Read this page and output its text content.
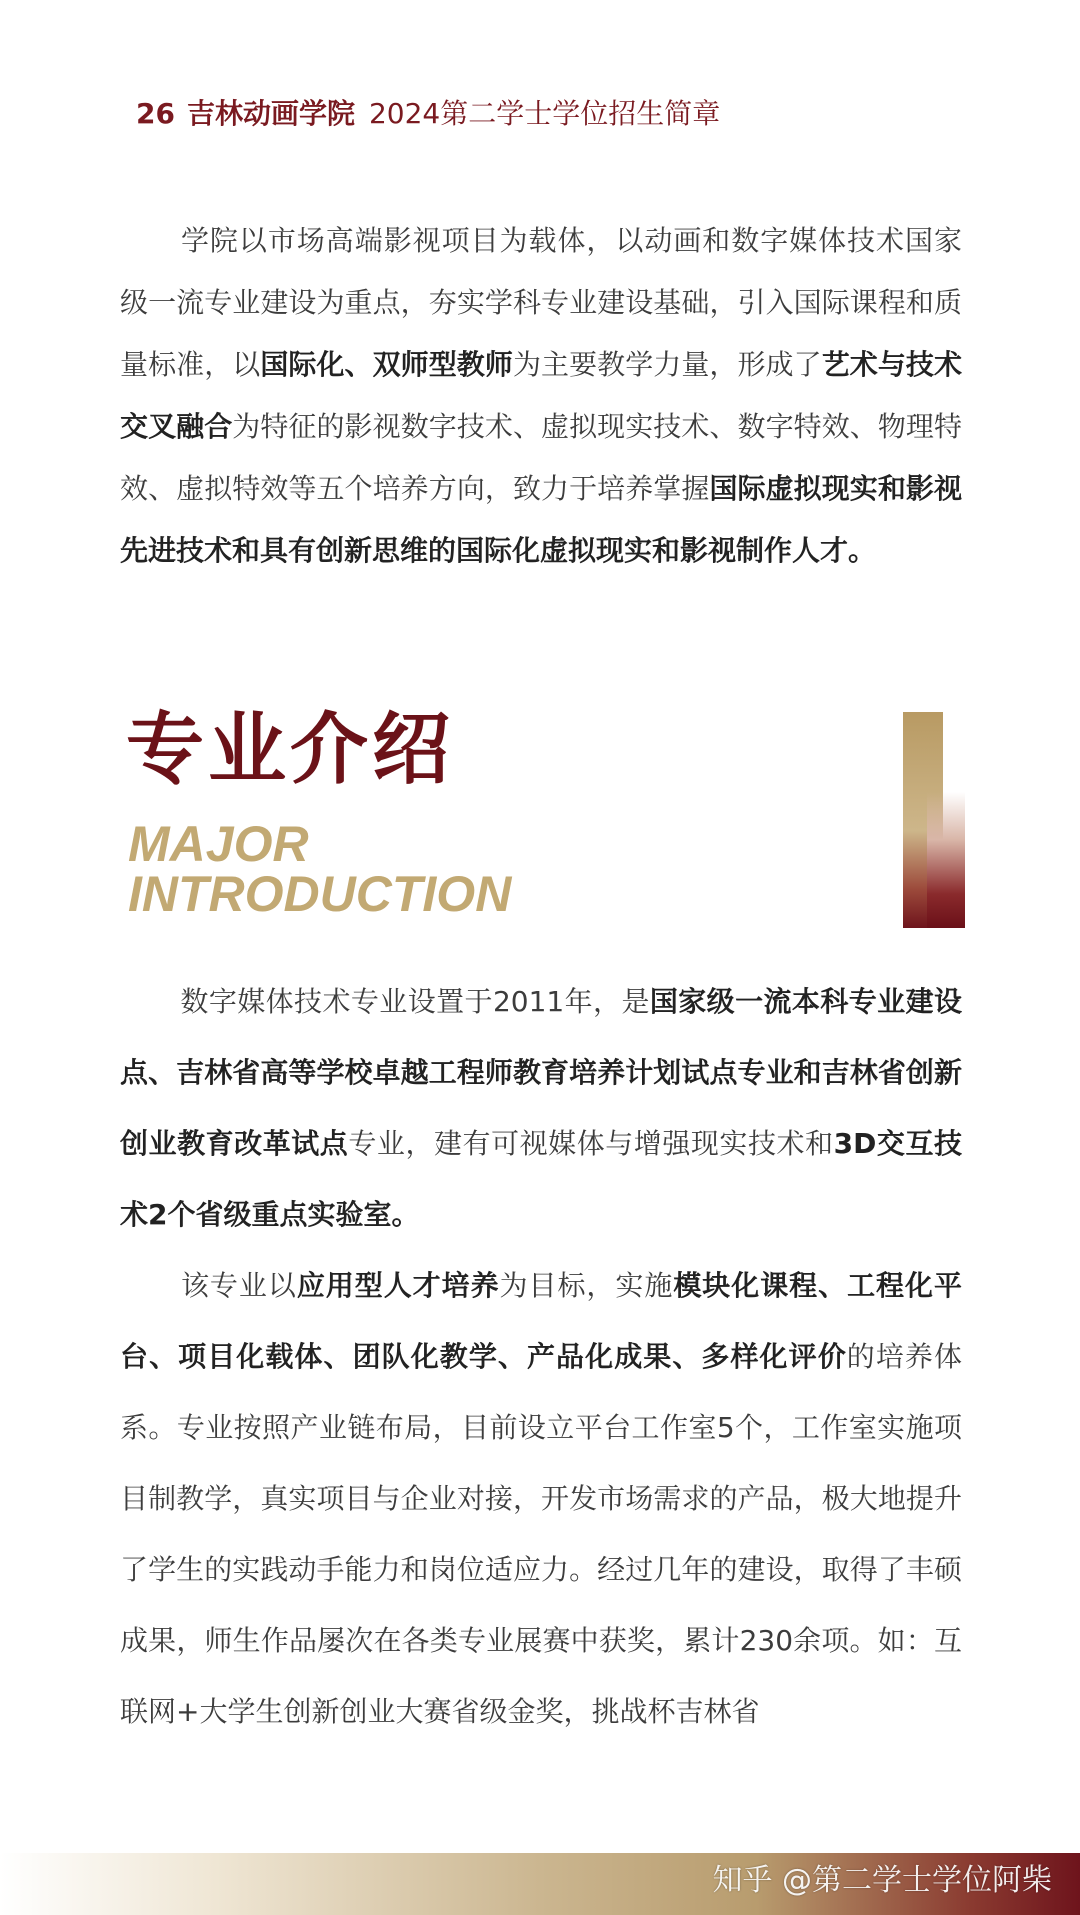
26 吉林动画学院 2024第二学士学位招生简章

学院以市场高端影视项目为载体，以动画和数字媒体技术国家级一流专业建设为重点，夯实学科专业建设基础，引入国际课程和质量标准，以国际化、双师型教师为主要教学力量，形成了艺术与技术交叉融合为特征的影视数字技术、虚拟现实技术、数字特效、物理特效、虚拟特效等五个培养方向，致力于培养掌握国际虚拟现实和影视先进技术和具有创新思维的国际化虚拟现实和影视制作人才。

专业介绍
MAJOR
INTRODUCTION

数字媒体技术专业设置于2011年，是国家级一流本科专业建设点、吉林省高等学校卓越工程师教育培养计划试点专业和吉林省创新创业教育改革试点专业，建有可视媒体与增强现实技术和3D交互技术2个省级重点实验室。

该专业以应用型人才培养为目标，实施模块化课程、工程化平台、项目化载体、团队化教学、产品化成果、多样化评价的培养体系。专业按照产业链布局，目前设立平台工作室5个，工作室实施项目制教学，真实项目与企业对接，开发市场需求的产品，极大地提升了学生的实践动手能力和岗位适应力。经过几年的建设，取得了丰硕成果，师生作品屡次在各类专业展赛中获奖，累计230余项。如：互联网+大学生创新创业大赛省级金奖，挑战杯吉林省

知乎 @第二学士学位阿柴
